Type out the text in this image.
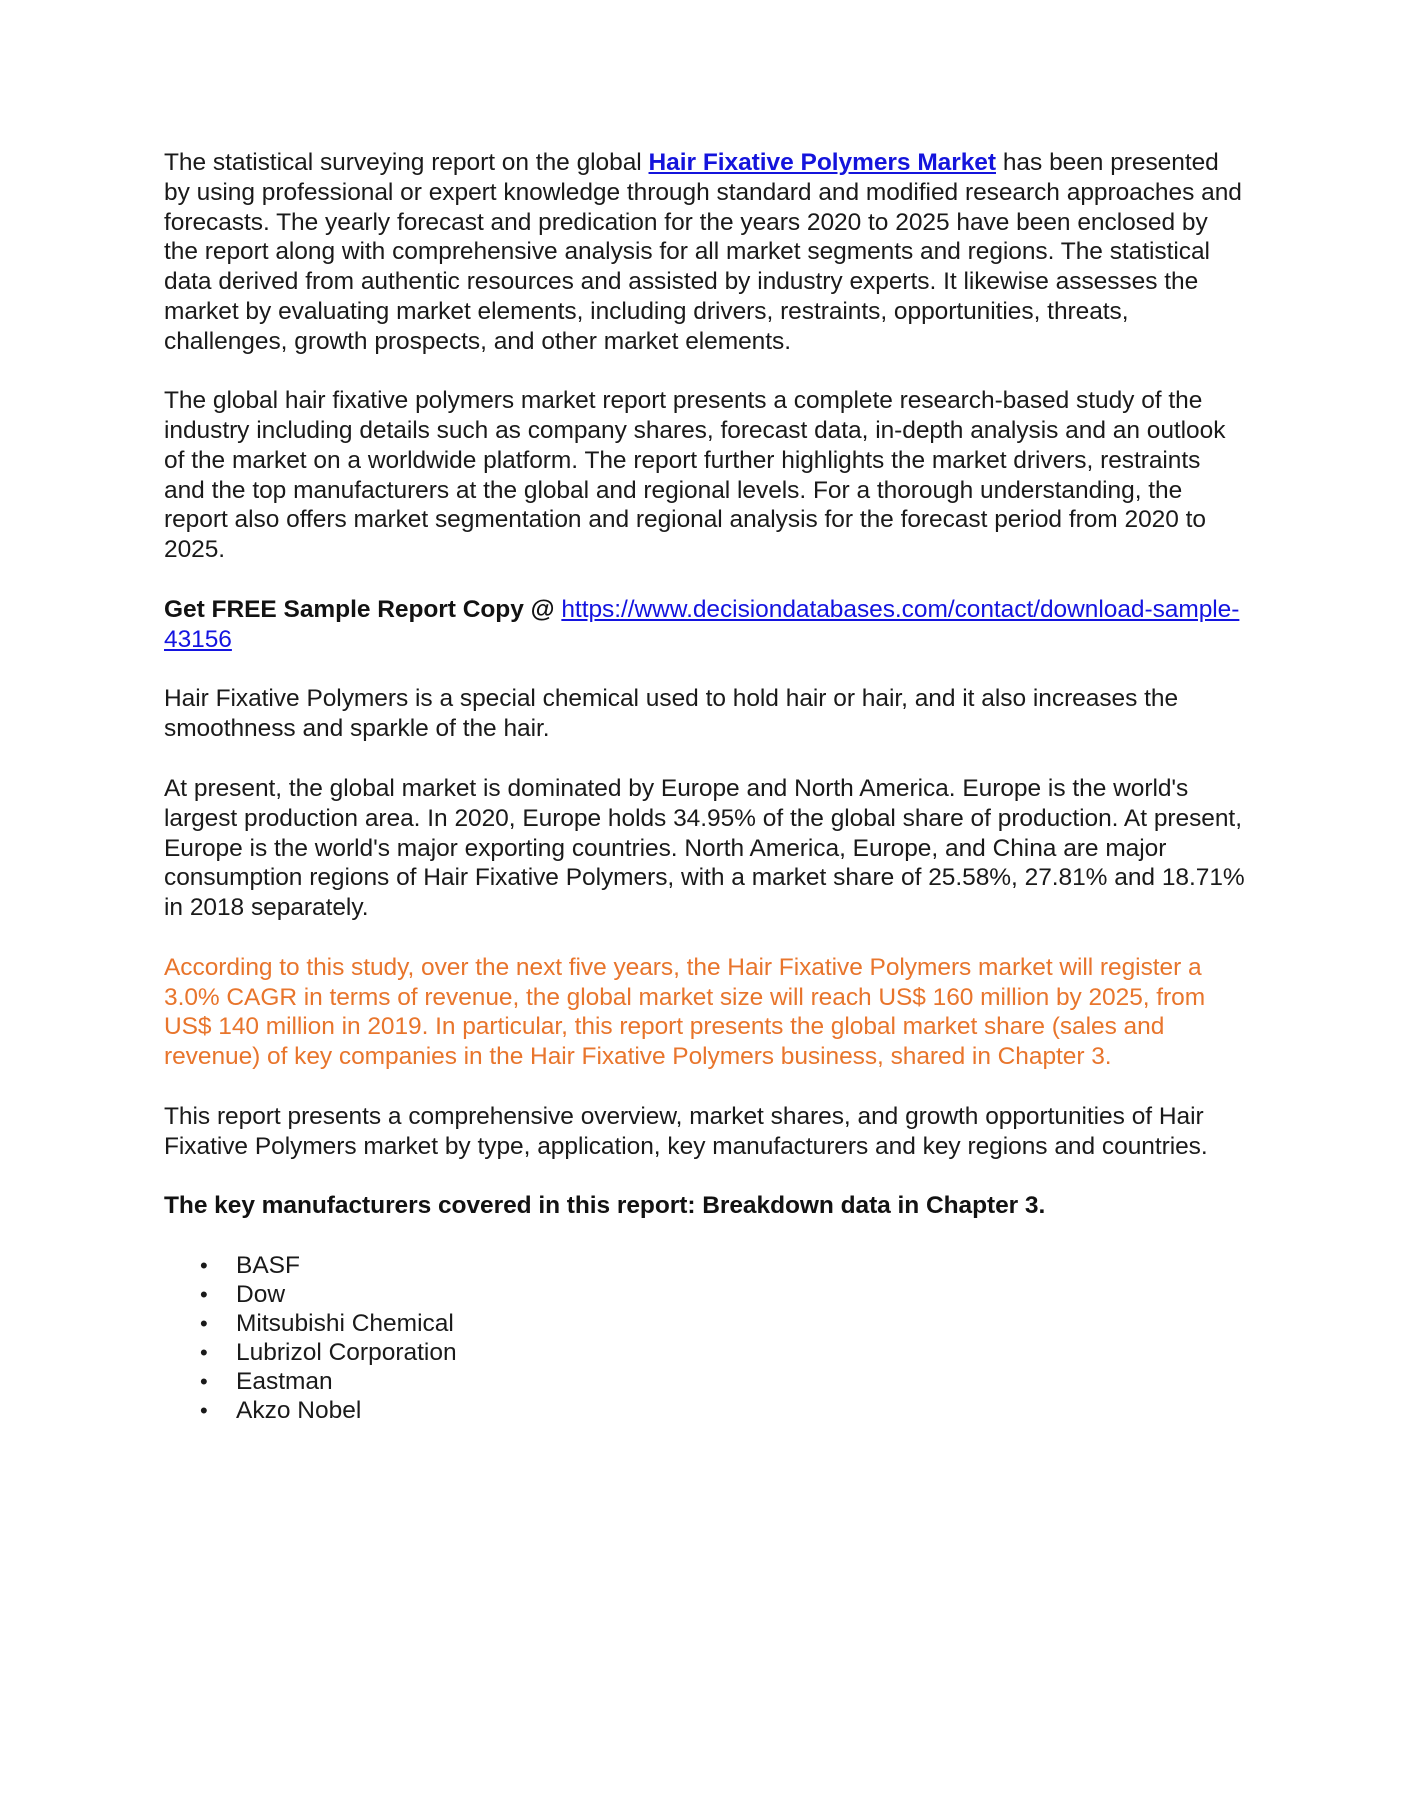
The statistical surveying report on the global Hair Fixative Polymers Market has been presented by using professional or expert knowledge through standard and modified research approaches and forecasts. The yearly forecast and predication for the years 2020 to 2025 have been enclosed by the report along with comprehensive analysis for all market segments and regions. The statistical data derived from authentic resources and assisted by industry experts. It likewise assesses the market by evaluating market elements, including drivers, restraints, opportunities, threats, challenges, growth prospects, and other market elements.

The global hair fixative polymers market report presents a complete research-based study of the industry including details such as company shares, forecast data, in-depth analysis and an outlook of the market on a worldwide platform. The report further highlights the market drivers, restraints and the top manufacturers at the global and regional levels. For a thorough understanding, the report also offers market segmentation and regional analysis for the forecast period from 2020 to 2025.

Get FREE Sample Report Copy @ https://www.decisiondatabases.com/contact/download-sample-43156

Hair Fixative Polymers is a special chemical used to hold hair or hair, and it also increases the smoothness and sparkle of the hair.

At present, the global market is dominated by Europe and North America. Europe is the world's largest production area. In 2020, Europe holds 34.95% of the global share of production. At present, Europe is the world's major exporting countries. North America, Europe, and China are major consumption regions of Hair Fixative Polymers, with a market share of 25.58%, 27.81% and 18.71% in 2018 separately.

According to this study, over the next five years, the Hair Fixative Polymers market will register a 3.0% CAGR in terms of revenue, the global market size will reach US$ 160 million by 2025, from US$ 140 million in 2019. In particular, this report presents the global market share (sales and revenue) of key companies in the Hair Fixative Polymers business, shared in Chapter 3.

This report presents a comprehensive overview, market shares, and growth opportunities of Hair Fixative Polymers market by type, application, key manufacturers and key regions and countries.

The key manufacturers covered in this report: Breakdown data in Chapter 3.

•	BASF
•	Dow
•	Mitsubishi Chemical
•	Lubrizol Corporation
•	Eastman
•	Akzo Nobel
